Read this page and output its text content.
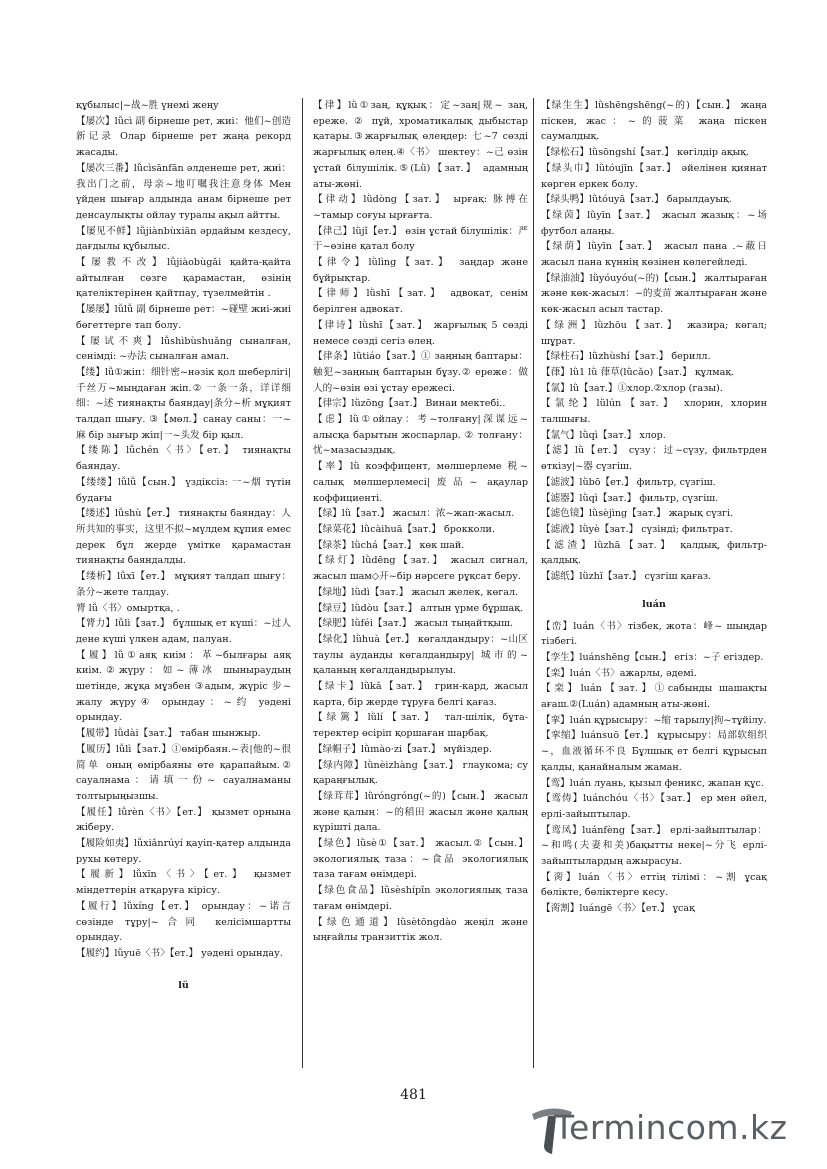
құбылыс|~战~胜 үнемі жеңу

【屡次】lǚcì 副 бірнеше рет, жиі：他们~创造新记录 Олар бірнеше рет жаңа рекорд жасады.

【屡次三番】lǚcìsānfān әлденеше рет, жиі：我出门之前，母亲~地叮嘱我注意身体 Мен үйден шығар алдында анам бірнеше рет денсаулықты ойлау туралы ақыл айтты.

【屡见不鲜】lǚjiànbùxiān әрдайым кездесу, дағдылы құбылыс.

【屡教不改】lǚjiàobùgǎi қайта-қайта айтылған сөзге қарамастан, өзінің қателіктерінен қайтпау, түзелмейтін .

【屡屡】lǚlǚ 副 бірнеше рет：~碰壁 жиі-жиі бөгеттерге тап болу.

【屡试不爽】lǚshìbùshuǎng сыналған, сенімді: ~办法 сыналған амал.

【缕】lǚ①жіп：细针密~нәзік қол шеберлігі|千丝万~мыңдаған жіп.② 一条一条，详详细细：~述 тиянақты баяндау|条分~析 мұқият талдап шығу. ③【мөл.】санау саны：一~麻 бір зығыр жіп|一~头发 бір қыл.

【缕陈】lǚchén〈书〉【ет.】 тиянақты баяндау.

【缕缕】lǚlǚ【сын.】 үздіксіз: 一~烟 түтін будағы

【缕述】lǚshù【ет.】 тиянақты баяндау：人所共知的事实，这里不拟~мүлдем құпия емес дерек бұл жерде үміткe қарамастан тиянақты баяндалды.

【缕析】lǚxī【ет.】 мұқият талдап шығу：条分~жете талдау.

膂 lǚ〈书〉омыртқа, .

【膂力】lǚlì【зат.】 бұлшық ет күші：~过人 дене күші үлкен адам, палуан.

【履】lǚ①аяқ киім：革~былғары аяқ киім.②жүру：如~薄冰 шыныраудың шетінде, жұқа мұзбен ③адым, жүріс 步~ жалу жүру④ орындау：~约 уәдені орындау.

【履带】lǚdài【зат.】 табан шынжыр.

【履历】lǚlì【зат.】①өмірбаян.~表|他的~很简单 оның өмірбаяны өте қарапайым.② сауалнама：请填一份~ сауалнаманы толтырыңызшы.

【履任】lǚrèn〈书〉【ет.】 қызмет орнына жіберу.

【履险如夷】lǚxiǎnrúyí қауіп-қатер алдында рухы көтеру.

【履新】lǚxīn〈书〉【ет.】 қызмет міндеттерін атқаруға кірісу.

【履行】lǚxíng【ет.】 орындау：~诺言 сөзінде тұру|~合同 келісімшартты орындау.

【履约】lǚyuē〈书〉【ет.】 уәдені орындау.

lü

【律】lǜ①заң, құқық：定~заң|规~ заң, ереже. ② пұй, хроматикалық дыбыстар қатары.③жарғылық өлеңдер: 七~7 сөзді жарғылық өлең.④〈书〉 шектеу：~己 өзін ұстай білушілік.⑤(Lǜ)【зат.】 адамның аты-жөні.

【律动】lǜdòng【зат.】 ырғақ: 脉搏在~тамыр соғуы ырғағта.

【律己】lǜjǐ【ет.】 өзін ұстай білушілік：严于~өзіне қатал болу

【律令】lǜlìng【зат.】 заңдар және бұйрықтар.

【律师】lǜshī【зат.】 адвокат, сенім берілген адвокат.

【律诗】lǜshī【зат.】 жарғылық 5 сөзді немесе сөзді сегіз өлең.

【律条】lǜtiáo【зат.】① заңның баптары：触犯~заңның баптарын бұзу.② ереже：做人的~өзін өзі ұстау ережесі.

【律宗】lǜzōng【зат.】 Винаи мектебі..

【虑】lǜ①ойлау：考~толғану|深谋远~ алысқа барытын жоспарлар. ② толғану：忧~мазасыздық.

【率】lǜ коэффицент, мөлшерлеме 税~ салық мөлшерлемесі|废品~ ақаулар коффициенті.

【绿】lǜ【зат.】 жасыл：浓~жап-жасыл.

【绿菜花】lǜcàihuā【зат.】 брокколи.

【绿茶】lǜchá【зат.】 көк шай.

【绿灯】lǜdēng【зат.】 жасыл сигнал, жасыл шам◇开~бір нәрсеге рұқсат беру.

【绿地】lǜdì【зат.】 жасыл желек, көгал.

【绿豆】lǜdòu【зат.】 алтын үрме бұршақ.

【绿肥】lǜféi【зат.】 жасыл тыңайтқыш.

【绿化】lǜhuà【ет.】 көгалдандыру：~山区 таулы ауданды көгалдандыру| 城市的~ қаланың көгалдандырылуы.

【绿卡】lǜkǎ【зат.】 грин-кард, жасыл карта, бір жерде тұруға белгі қағаз.

【绿篱】lǜlí【зат.】 тал-шілік, бұта-теректер өсіріп қоршаған шарбақ.

【绿帽子】lǜmào·zi【зат.】 мүйіздер.

【绿内障】lǜnèizhàng【зат.】 глаукома; су қараңғылық.

【绿茸茸】lǜróngróng(~的)【сын.】 жасыл және қалың：~的稻田 жасыл және қалың күріштi дала.

【绿色】lǜsè①【зат.】 жасыл.②【сын.】 экологиялық таза：~食品 экологиялық таза тағам өнімдері.

【绿色食品】lǜsèshípǐn экологиялық таза тағам өнімдері.

【绿色通道】lǜsètōngdào жеңіл және ыңғайлы транзиттік жол.

【绿生生】lǜshēngshēng(~的)【сын.】 жаңа піскен, жас：~的菠菜 жаңа піскен саумалдық.

【绿松石】lǜsōngshí【зат.】 көгілдір ақық.

【绿头巾】lǜtóujīn【зат.】 әйелінен қиянат көрген еркек болу.

【绿头鸭】lǜtóuyā【зат.】 барылдауық.

【绿茵】lǜyīn【зат.】 жасыл жазық：~场 футбол алаңы.

【绿荫】lǜyīn【зат.】 жасыл пана .~蔽日 жасыл пана күннің көзінен көлегейледі.

【绿油油】lǜyóuyóu(~的)【сын.】 жалтыраған және көк-жасыл：~的麦苗 жалтыраған және көк-жасыл асыл тастар.

【绿洲】lǜzhōu【зат.】 жазира; көгал; шұрат.

【绿柱石】lǜzhùshí【зат.】 берилл.

【葎】lǜ1 lǜ 葎草(lǜcǎo)【зат.】 құлмақ.

【氯】lǜ【зат.】①хлор.②хлор (газы).

【氯纶】lǜlún【зат.】 хлорин, хлорин талшығы.

【氯气】lǜqì【зат.】 хлор.

【滤】lǜ【ет.】 сүзу：过~сүзу, фильтрден өткізу|~器 сүзгіш.

【滤波】lǜbō【ет.】 фильтр, сүзгіш.

【滤器】lǜqì【зат.】 фильтр, сүзгіш.

【滤色镜】lǜsèjìng【зат.】 жарық сүзгі.

【滤液】lǜyè【зат.】 сүзінді; фильтрат.

【滤渣】lǜzhā【зат.】 қалдық, фильтр-қалдық.

【滤纸】lǜzhǐ【зат.】 сүзгіш қағаз.

luán

【峦】luán〈书〉тізбек, жота：峰~ шыңдар тізбегі.

【孪生】luánshēng【сын.】 егіз：~子 егіздер.

【栾】luán〈书〉ажарлы, әдемі.

【栾】luán【зат.】①сабынды шашақты ағаш.②(Luán) адамның аты-жөні.

【挛】luán құрысыру：~缩 тарылу|拘~тұйілу.

【挛缩】luánsuō【ет.】 құрысыру：局部软组织~，血液循环不良 Бұлшық ет белгі құрысып қалды, қанайналым жаман.

【鸾】luán луань, қызыл феникс, жапан құс.

【鸾俦】luánchóu〈书〉【зат.】 ер мен әйел, ерлі-зайыптылар.

【鸾凤】luánfèng【зат.】 ерлі-зайыптылар：~和鸣(夫妻和美)бақытты неке|~分飞 ерлі-зайыптылардың ажырасуы.

【脔】luán〈书〉еттің тілімі：~割 ұсақ бөлікте, бөліктерге кесу.

【脔割】luángē〈书〉【ет.】 ұсақ

481
Termincom.kz
